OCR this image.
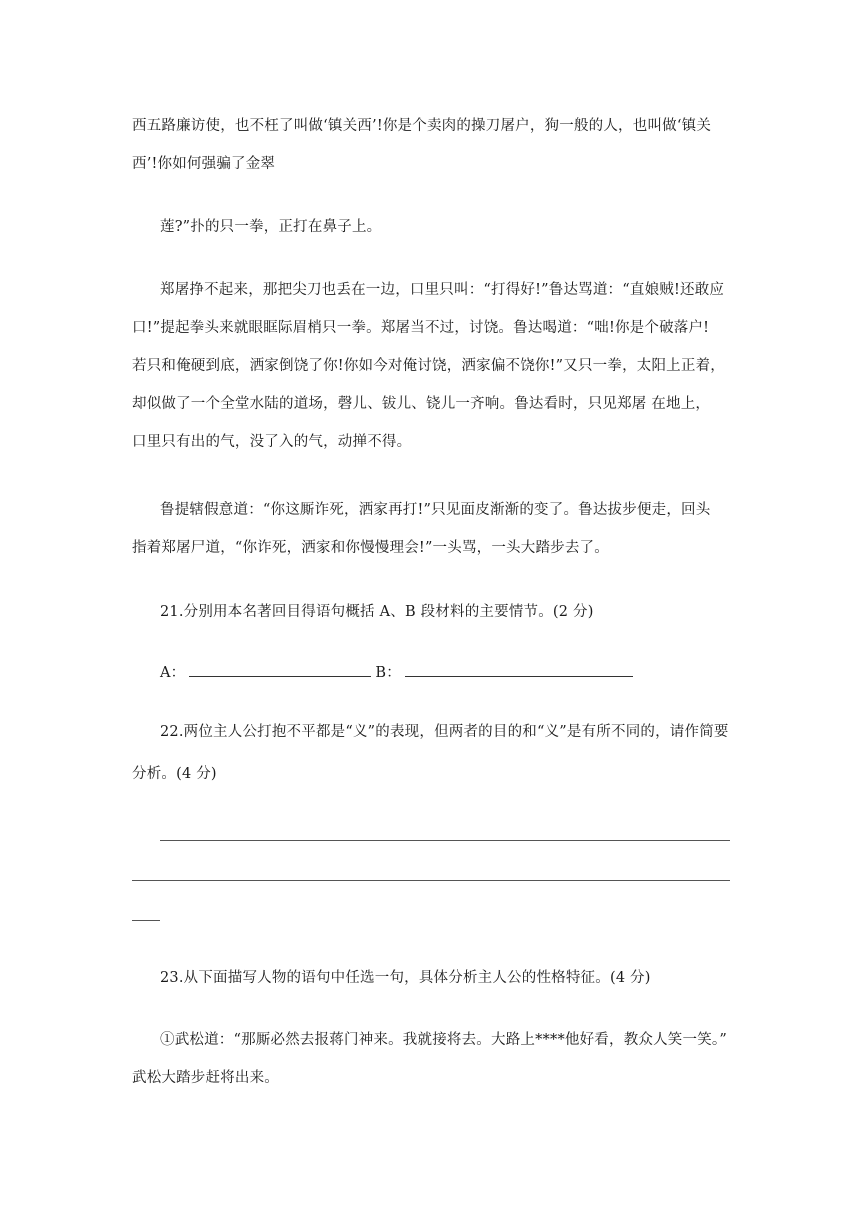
西五路廉访使，也不枉了叫做‘镇关西’!你是个卖肉的操刀屠户，狗一般的人，也叫做‘镇关
西’!你如何强骗了金翠
莲?”扑的只一拳，正打在鼻子上。
郑屠挣不起来，那把尖刀也丢在一边，口里只叫：“打得好!”鲁达骂道：“直娘贼!还敢应
口!”提起拳头来就眼眶际眉梢只一拳。郑屠当不过，讨饶。鲁达喝道：“咄!你是个破落户!
若只和俺硬到底，洒家倒饶了你!你如今对俺讨饶，洒家偏不饶你!”又只一拳，太阳上正着，
却似做了一个全堂水陆的道场，磬儿、钹儿、铙儿一齐响。鲁达看时，只见郑屠 在地上，
口里只有出的气，没了入的气，动掸不得。
鲁提辖假意道：“你这厮诈死，洒家再打!”只见面皮渐渐的变了。鲁达拔步便走，回头
指着郑屠尸道，“你诈死，洒家和你慢慢理会!”一头骂，一头大踏步去了。
21.分别用本名著回目得语句概括 A、B 段材料的主要情节。(2 分)
A：	B：
22.两位主人公打抱不平都是“义”的表现，但两者的目的和“义”是有所不同的，请作简要
分析。(4 分)
23.从下面描写人物的语句中任选一句，具体分析主人公的性格特征。(4 分)
①武松道：“那厮必然去报蒋门神来。我就接将去。大路上****他好看，教众人笑一笑。”
武松大踏步赶将出来。
